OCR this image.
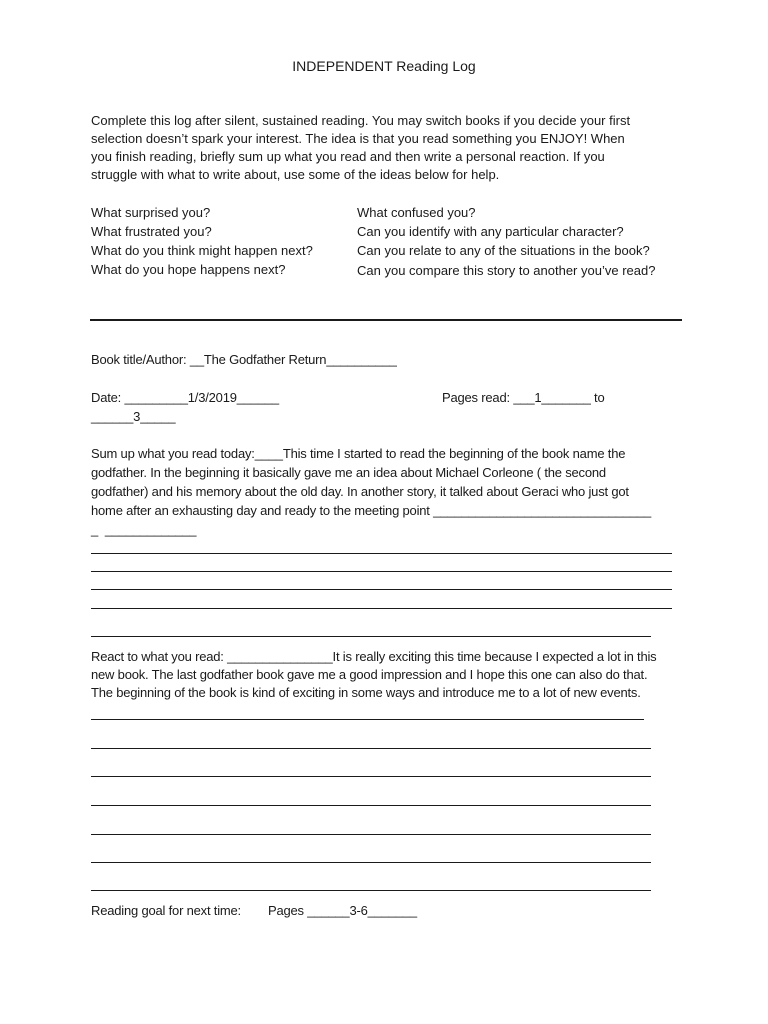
INDEPENDENT Reading Log
Complete this log after silent, sustained reading. You may switch books if you decide your first
selection doesn’t spark your interest. The idea is that you read something you ENJOY! When
you finish reading, briefly sum up what you read and then write a personal reaction. If you
struggle with what to write about, use some of the ideas below for help.
What surprised you?
What frustrated you?
What do you think might happen next?
What do you hope happens next?
What confused you?
Can you identify with any particular character?
Can you relate to any of the situations in the book?
Can you compare this story to another you’ve read?
Book title/Author: __The Godfather Return__________
Date: _________1/3/2019______	Pages read: ___1_______ to
______3_____
Sum up what you read today:____This time I started to read the beginning of the book name the
godfather. In the beginning it basically gave me an idea about Michael Corleone ( the second
godfather) and his memory about the old day. In another story, it talked about Geraci who just got
home after an exhausting day and ready to the meeting point _______________________________
_  _____________
React to what you read: _______________It is really exciting this time because I expected a lot in this
new book. The last godfather book gave me a good impression and I hope this one can also do that.
The beginning of the book is kind of exciting in some ways and introduce me to a lot of new events.
Reading goal for next time: Pages ______3-6_______
